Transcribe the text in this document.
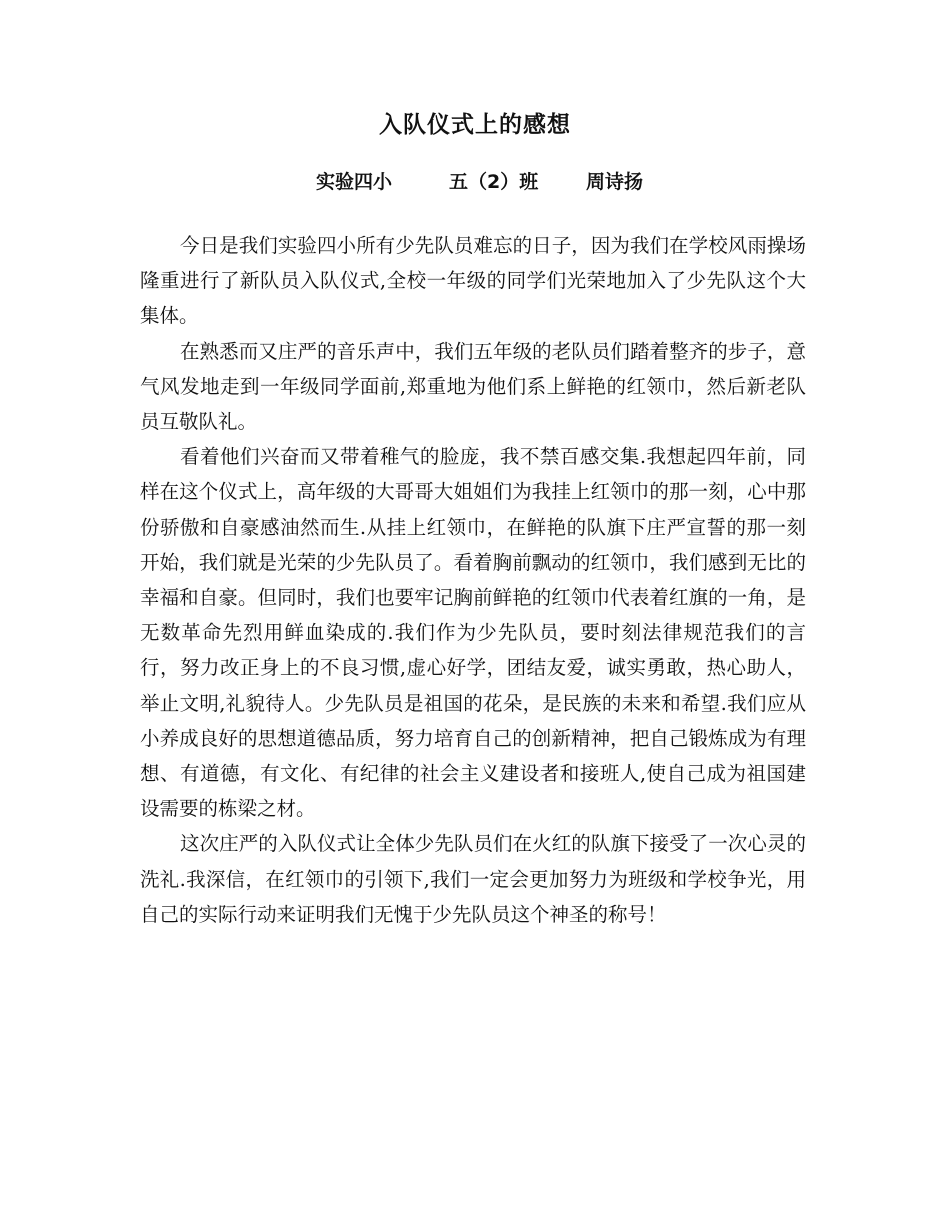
入队仪式上的感想
实验四小	五（2）班	周诗扬

今日是我们实验四小所有少先队员难忘的日子，因为我们在学校风雨操场隆重进行了新队员入队仪式,全校一年级的同学们光荣地加入了少先队这个大集体。

在熟悉而又庄严的音乐声中，我们五年级的老队员们踏着整齐的步子，意气风发地走到一年级同学面前,郑重地为他们系上鲜艳的红领巾，然后新老队员互敬队礼。

看着他们兴奋而又带着稚气的脸庞，我不禁百感交集.我想起四年前，同样在这个仪式上，高年级的大哥哥大姐姐们为我挂上红领巾的那一刻，心中那份骄傲和自豪感油然而生.从挂上红领巾，在鲜艳的队旗下庄严宣誓的那一刻开始，我们就是光荣的少先队员了。看着胸前飘动的红领巾，我们感到无比的幸福和自豪。但同时，我们也要牢记胸前鲜艳的红领巾代表着红旗的一角，是无数革命先烈用鲜血染成的.我们作为少先队员，要时刻法律规范我们的言行，努力改正身上的不良习惯,虚心好学，团结友爱，诚实勇敢，热心助人，举止文明,礼貌待人。少先队员是祖国的花朵，是民族的未来和希望.我们应从小养成良好的思想道德品质，努力培育自己的创新精神，把自己锻炼成为有理想、有道德，有文化、有纪律的社会主义建设者和接班人,使自己成为祖国建设需要的栋梁之材。

这次庄严的入队仪式让全体少先队员们在火红的队旗下接受了一次心灵的洗礼.我深信，在红领巾的引领下,我们一定会更加努力为班级和学校争光，用自己的实际行动来证明我们无愧于少先队员这个神圣的称号！
